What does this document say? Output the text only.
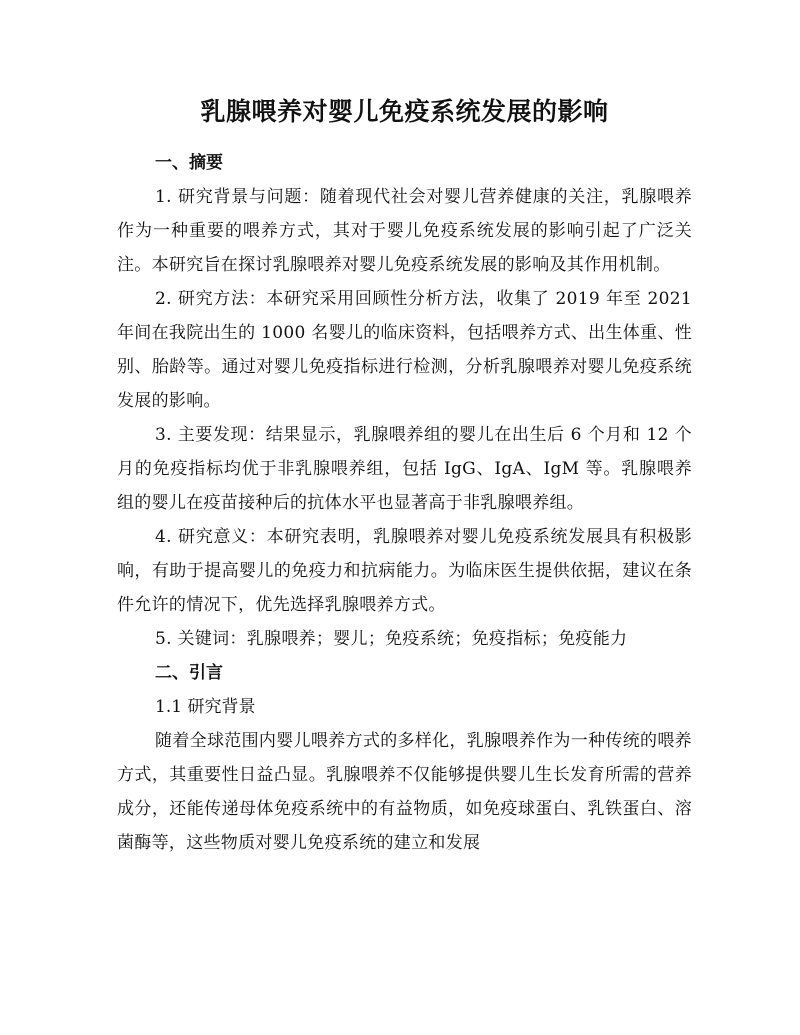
乳腺喂养对婴儿免疫系统发展的影响
一、摘要

1. 研究背景与问题：随着现代社会对婴儿营养健康的关注，乳腺喂养作为一种重要的喂养方式，其对于婴儿免疫系统发展的影响引起了广泛关注。本研究旨在探讨乳腺喂养对婴儿免疫系统发展的影响及其作用机制。

2. 研究方法：本研究采用回顾性分析方法，收集了 2019 年至 2021 年间在我院出生的 1000 名婴儿的临床资料，包括喂养方式、出生体重、性别、胎龄等。通过对婴儿免疫指标进行检测，分析乳腺喂养对婴儿免疫系统发展的影响。

3. 主要发现：结果显示，乳腺喂养组的婴儿在出生后 6 个月和 12 个月的免疫指标均优于非乳腺喂养组，包括 IgG、IgA、IgM 等。乳腺喂养组的婴儿在疫苗接种后的抗体水平也显著高于非乳腺喂养组。

4. 研究意义：本研究表明，乳腺喂养对婴儿免疫系统发展具有积极影响，有助于提高婴儿的免疫力和抗病能力。为临床医生提供依据，建议在条件允许的情况下，优先选择乳腺喂养方式。

5. 关键词：乳腺喂养；婴儿；免疫系统；免疫指标；免疫能力

二、引言

1.1 研究背景

随着全球范围内婴儿喂养方式的多样化，乳腺喂养作为一种传统的喂养方式，其重要性日益凸显。乳腺喂养不仅能够提供婴儿生长发育所需的营养成分，还能传递母体免疫系统中的有益物质，如免疫球蛋白、乳铁蛋白、溶菌酶等，这些物质对婴儿免疫系统的建立和发展
